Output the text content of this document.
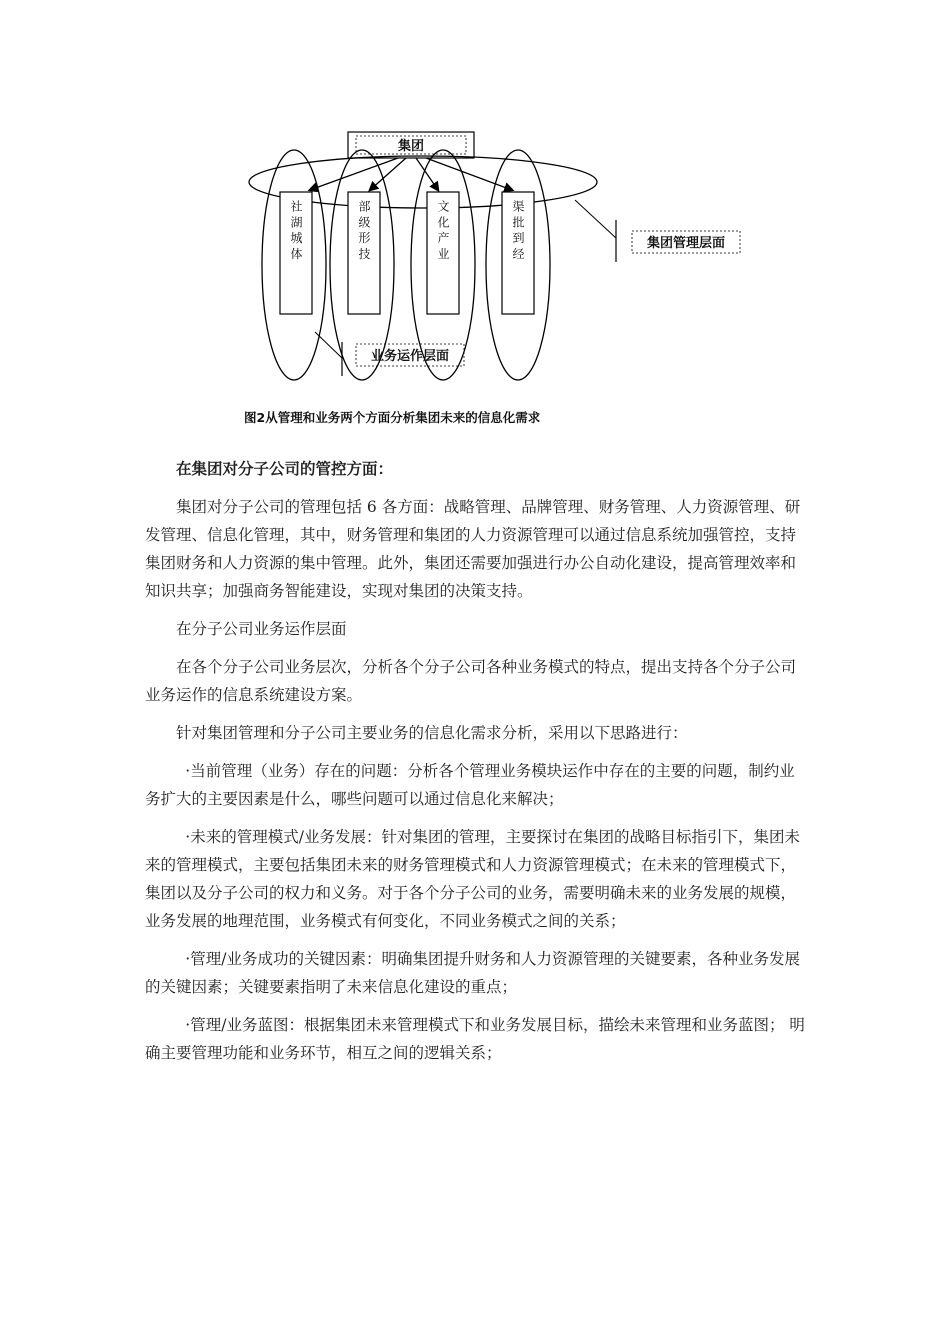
集团
社 湖 城 体	部 级 形 技	文 化 产 业	渠 批 到 经	集团管理层面
业务运作层面
图2从管理和业务两个方面分析集团未来的信息化需求

在集团对分子公司的管控方面：

集团对分子公司的管理包括 6 各方面：战略管理、品牌管理、财务管理、人力资源管理、研发管理、信息化管理，其中，财务管理和集团的人力资源管理可以通过信息系统加强管控，支持集团财务和人力资源的集中管理。此外，集团还需要加强进行办公自动化建设，提高管理效率和知识共享；加强商务智能建设，实现对集团的决策支持。

在分子公司业务运作层面

在各个分子公司业务层次，分析各个分子公司各种业务模式的特点，提出支持各个分子公司业务运作的信息系统建设方案。

针对集团管理和分子公司主要业务的信息化需求分析，采用以下思路进行：

·当前管理（业务）存在的问题：分析各个管理业务模块运作中存在的主要的问题，制约业务扩大的主要因素是什么，哪些问题可以通过信息化来解决；

·未来的管理模式/业务发展：针对集团的管理，主要探讨在集团的战略目标指引下，集团未来的管理模式，主要包括集团未来的财务管理模式和人力资源管理模式；在未来的管理模式下，集团以及分子公司的权力和义务。对于各个分子公司的业务，需要明确未来的业务发展的规模，业务发展的地理范围，业务模式有何变化，不同业务模式之间的关系；

·管理/业务成功的关键因素：明确集团提升财务和人力资源管理的关键要素，各种业务发展的关键因素；关键要素指明了未来信息化建设的重点；

·管理/业务蓝图：根据集团未来管理模式下和业务发展目标，描绘未来管理和业务蓝图； 明确主要管理功能和业务环节，相互之间的逻辑关系；
